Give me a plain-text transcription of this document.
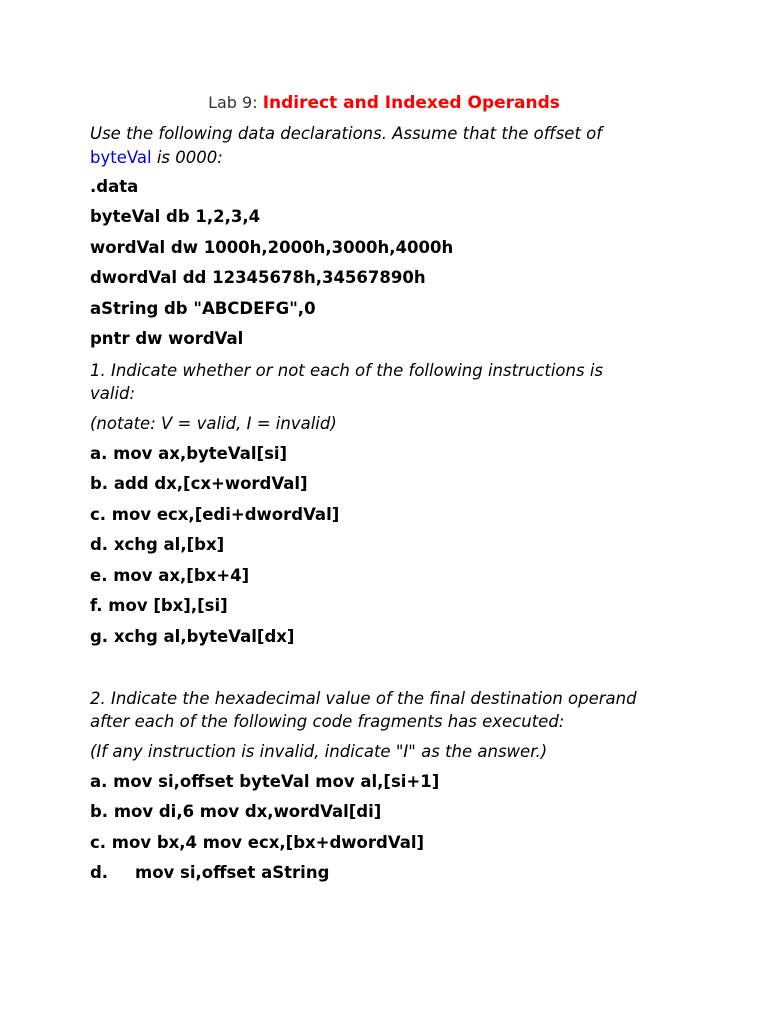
Lab 9: Indirect and Indexed Operands
Use the following data declarations. Assume that the offset of
byteVal is 0000:
.data
byteVal db 1,2,3,4
wordVal dw 1000h,2000h,3000h,4000h
dwordVal dd 12345678h,34567890h
aString db "ABCDEFG",0
pntr dw wordVal
1. Indicate whether or not each of the following instructions is
valid:
(notate: V = valid, I = invalid)
a. mov ax,byteVal[si]
b. add dx,[cx+wordVal]
c. mov ecx,[edi+dwordVal]
d. xchg al,[bx]
e. mov ax,[bx+4]
f. mov [bx],[si]
g. xchg al,byteVal[dx]
2. Indicate the hexadecimal value of the final destination operand
after each of the following code fragments has executed:
(If any instruction is invalid, indicate "I" as the answer.)
a. mov si,offset byteVal mov al,[si+1]
b. mov di,6 mov dx,wordVal[di]
c. mov bx,4 mov ecx,[bx+dwordVal]
d. mov si,offset aString
